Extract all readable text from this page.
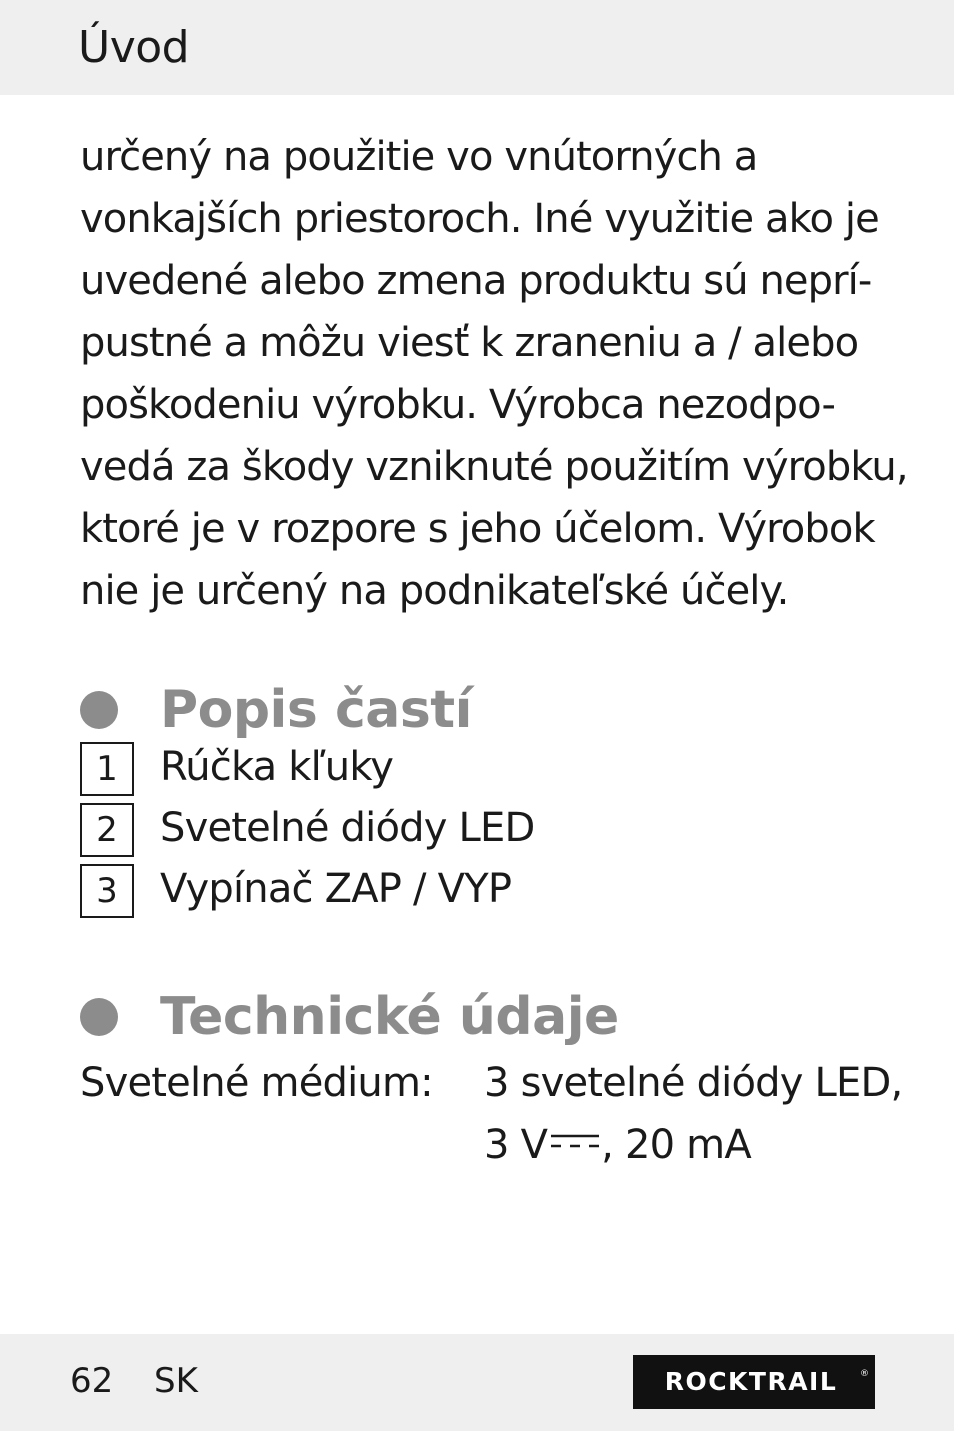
Úvod
určený na použitie vo vnútorných a
vonkajších priestoroch. Iné využitie ako je
uvedené alebo zmena produktu sú neprí-
pustné a môžu viesť k zraneniu a / alebo
poškodeniu výrobku. Výrobca nezodpo-
vedá za škody vzniknuté použitím výrobku,
ktoré je v rozpore s jeho účelom. Výrobok
nie je určený na podnikateľské účely.
Popis častí
1	Rúčka kľuky
2	Svetelné diódy LED
3	Vypínač ZAP / VYP
Technické údaje
Svetelné médium: 3 svetelné diódy LED,
3 V , 20 mA
62 SK	ROCKTRAIL	®
